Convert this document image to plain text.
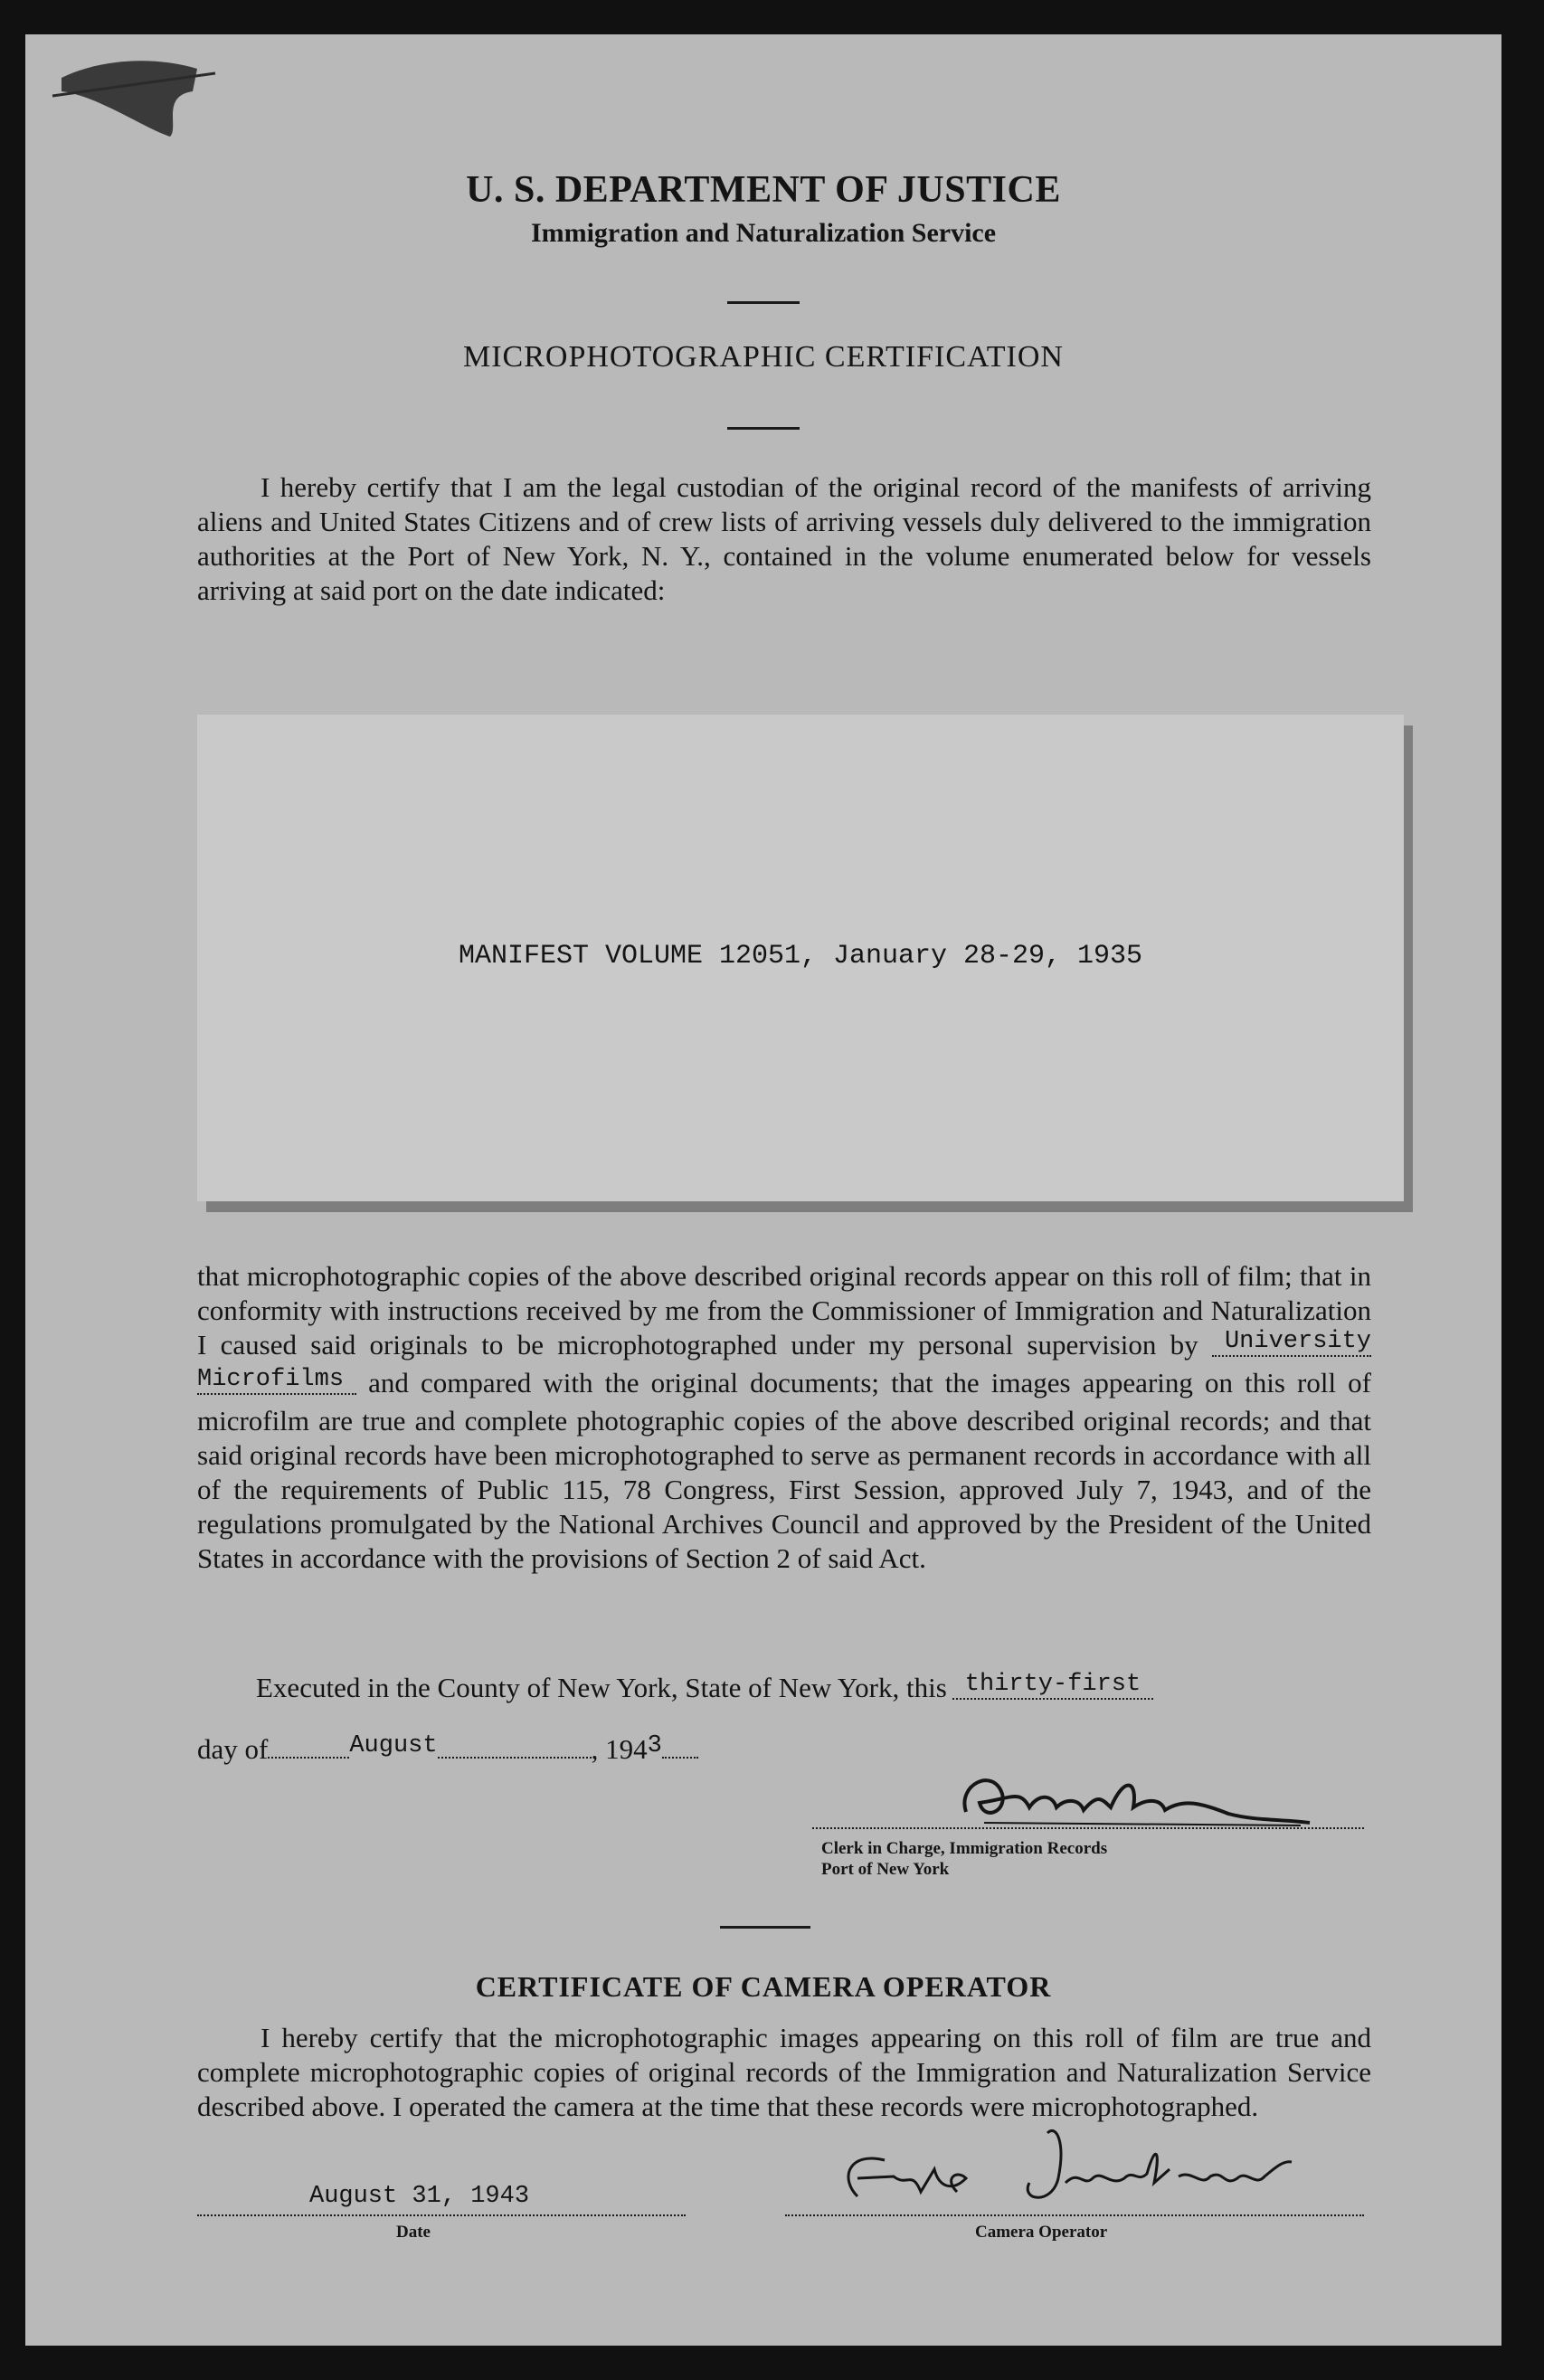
U. S. DEPARTMENT OF JUSTICE
Immigration and Naturalization Service
MICROPHOTOGRAPHIC CERTIFICATION

I hereby certify that I am the legal custodian of the original record of the manifests of arriving aliens and United States Citizens and of crew lists of arriving vessels duly delivered to the immigration authorities at the Port of New York, N. Y., contained in the volume enumerated below for vessels arriving at said port on the date indicated:

MANIFEST VOLUME 12051, January 28-29, 1935

that microphotographic copies of the above described original records appear on this roll of film; that in conformity with instructions received by me from the Commissioner of Immigration and Naturalization I caused said originals to be microphotographed under my personal supervision by University Microfilms and compared with the original documents; that the images appearing on this roll of microfilm are true and complete photographic copies of the above described original records; and that said original records have been microphotographed to serve as permanent records in accordance with all of the requirements of Public 115, 78 Congress, First Session, approved July 7, 1943, and of the regulations promulgated by the National Archives Council and approved by the President of the United States in accordance with the provisions of Section 2 of said Act.

Executed in the County of New York, State of New York, this thirty-first
day of	August	, 1943
Clerk in Charge, Immigration Records
Port of New York
CERTIFICATE OF CAMERA OPERATOR

I hereby certify that the microphotographic images appearing on this roll of film are true and complete microphotographic copies of original records of the Immigration and Naturalization Service described above. I operated the camera at the time that these records were microphotographed.

August 31, 1943
Date	Camera Operator
